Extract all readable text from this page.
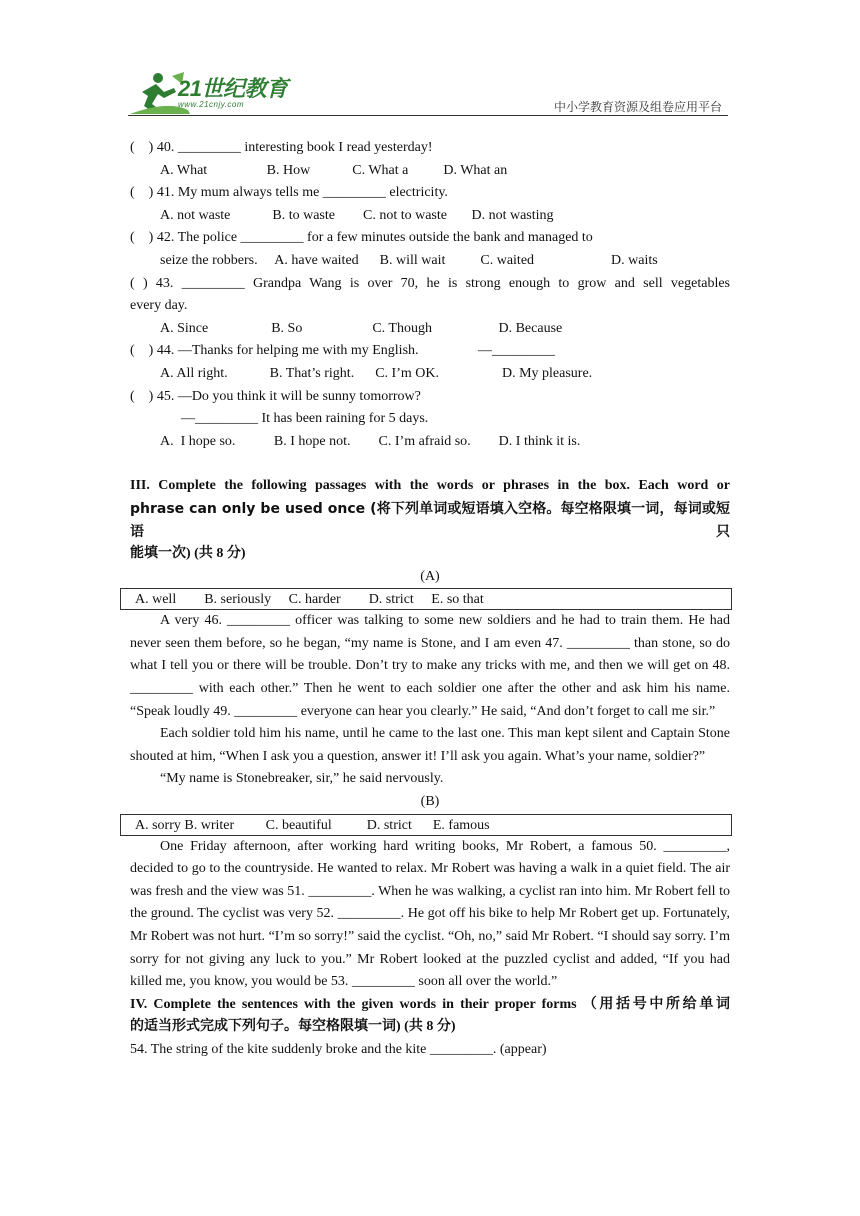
21世纪教育
www.21cnjy.com	中小学教育资源及组卷应用平台
(    ) 40. _________ interesting book I read yesterday!
A. What                 B. How            C. What a          D. What an
(    ) 41. My mum always tells me _________ electricity.
A. not waste            B. to waste        C. not to waste       D. not wasting
(    ) 42. The police _________ for a few minutes outside the bank and managed to
seize the robbers.     A. have waited      B. will wait          C. waited                      D. waits
( ) 43. _________ Grandpa Wang is over 70, he is strong enough to grow and sell vegetables
every day.
A. Since                  B. So                    C. Though                   D. Because
(    ) 44. —Thanks for helping me with my English.                 —_________
A. All right.            B. That’s right.      C. I’m OK.                  D. My pleasure.
(    ) 45. —Do you think it will be sunny tomorrow?
—_________ It has been raining for 5 days.
A.  I hope so.           B. I hope not.        C. I’m afraid so.        D. I think it is.
III. Complete the following passages with the words or phrases in the box. Each word or
phrase can only be used once (将下列单词或短语填入空格。每空格限填一词，每词或短语只
能填一次) (共 8 分)
(A)
A. well        B. seriously     C. harder        D. strict     E. so that
A very 46. _________ officer was talking to some new soldiers and he had to train them. He had never seen them before, so he began, “my name is Stone, and I am even 47. _________ than stone, so do what I tell you or there will be trouble. Don’t try to make any tricks with me, and then we will get on 48. _________ with each other.” Then he went to each soldier one after the other and ask him his name. “Speak loudly 49. _________ everyone can hear you clearly.” He said, “And don’t forget to call me sir.”
Each soldier told him his name, until he came to the last one. This man kept silent and Captain Stone shouted at him, “When I ask you a question, answer it! I’ll ask you again. What’s your name, soldier?”
“My name is Stonebreaker, sir,” he said nervously.
(B)
A. sorry B. writer         C. beautiful          D. strict      E. famous
One Friday afternoon, after working hard writing books, Mr Robert, a famous 50. _________, decided to go to the countryside. He wanted to relax. Mr Robert was having a walk in a quiet field. The air was fresh and the view was 51. _________. When he was walking, a cyclist ran into him. Mr Robert fell to the ground. The cyclist was very 52. _________. He got off his bike to help Mr Robert get up. Fortunately, Mr Robert was not hurt. “I’m so sorry!” said the cyclist. “Oh, no,” said Mr Robert. “I should say sorry. I’m sorry for not giving any luck to you.” Mr Robert looked at the puzzled cyclist and added, “If you had killed me, you know, you would be 53. _________ soon all over the world.”
IV. Complete the sentences with the given words in their proper forms （用括号中所给单词
的适当形式完成下列句子。每空格限填一词) (共 8 分)
54. The string of the kite suddenly broke and the kite _________. (appear)
